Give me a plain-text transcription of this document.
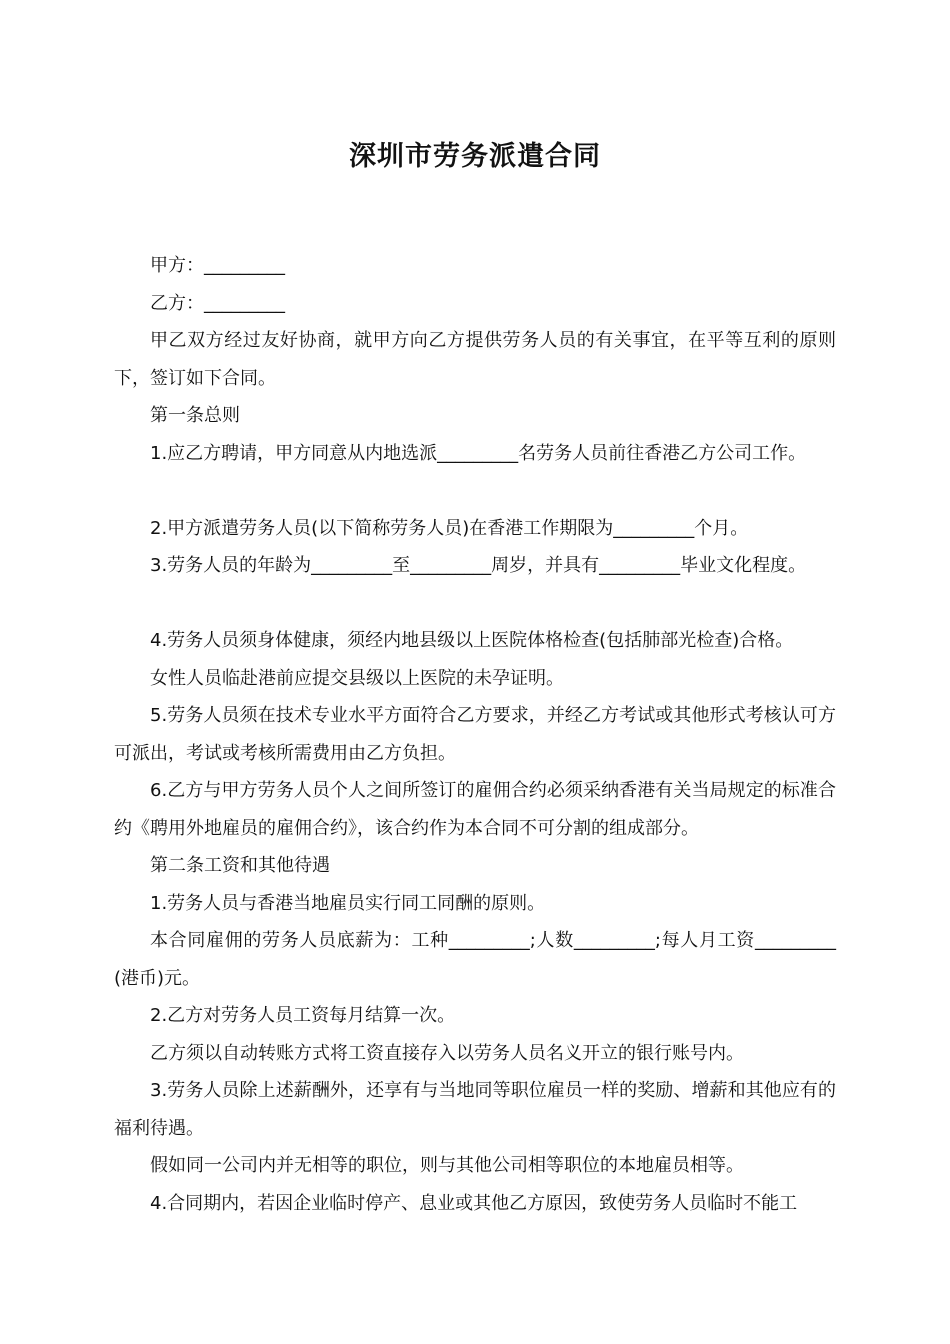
深圳市劳务派遣合同

甲方：_________

乙方：_________

甲乙双方经过友好协商，就甲方向乙方提供劳务人员的有关事宜，在平等互利的原则下，签订如下合同。

第一条总则

1.应乙方聘请，甲方同意从内地选派_________名劳务人员前往香港乙方公司工作。

2.甲方派遣劳务人员(以下简称劳务人员)在香港工作期限为_________个月。

3.劳务人员的年龄为_________至_________周岁，并具有_________毕业文化程度。

4.劳务人员须身体健康，须经内地县级以上医院体格检查(包括肺部光检查)合格。

女性人员临赴港前应提交县级以上医院的未孕证明。

5.劳务人员须在技术专业水平方面符合乙方要求，并经乙方考试或其他形式考核认可方可派出，考试或考核所需费用由乙方负担。

6.乙方与甲方劳务人员个人之间所签订的雇佣合约必须采纳香港有关当局规定的标准合约《聘用外地雇员的雇佣合约》，该合约作为本合同不可分割的组成部分。

第二条工资和其他待遇

1.劳务人员与香港当地雇员实行同工同酬的原则。

本合同雇佣的劳务人员底薪为：工种_________;人数_________;每人月工资_________(港币)元。

2.乙方对劳务人员工资每月结算一次。

乙方须以自动转账方式将工资直接存入以劳务人员名义开立的银行账号内。

3.劳务人员除上述薪酬外，还享有与当地同等职位雇员一样的奖励、增薪和其他应有的福利待遇。

假如同一公司内并无相等的职位，则与其他公司相等职位的本地雇员相等。

4.合同期内，若因企业临时停产、息业或其他乙方原因，致使劳务人员临时不能工
